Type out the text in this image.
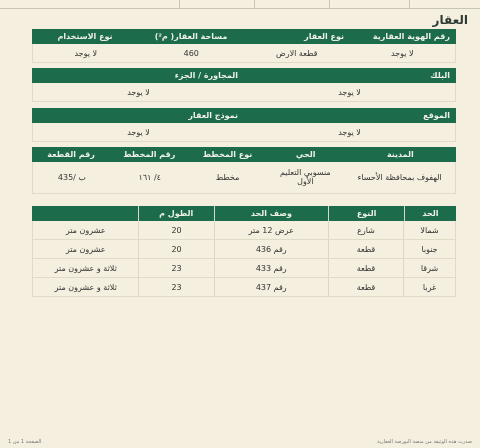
العقار
رقم الهوية العقارية
نوع العقار
مساحة العقار( م²)
نوع الاستخدام
لا يوجد
قطعة الارض
460
لا يوجد
البلك
المجاورة / الجزء
لا يوجد
لا يوجد
الموقع
نموذج العقار
لا يوجد
لا يوجد
المدينة
الحي
نوع المخطط
رقم المخطط
رقم القطعة
الهفوف بمحافظة الأحساء
منسوبي التعليم الأول
مخطط
٤/ ١٦١
ب /435
الحد
النوع
وصف الحد
الطول م
شمالا
شارع
عرض 12 متر
20
عشرون متر
جنوبا
قطعة
رقم 436
20
عشرون متر
شرقا
قطعة
رقم 433
23
ثلاثة و عشرون متر
غربا
قطعة
رقم 437
23
ثلاثة و عشرون متر
صدرت هذه الوثيقة من منصة البورصة العقارية
الصفحة 1 من 1
